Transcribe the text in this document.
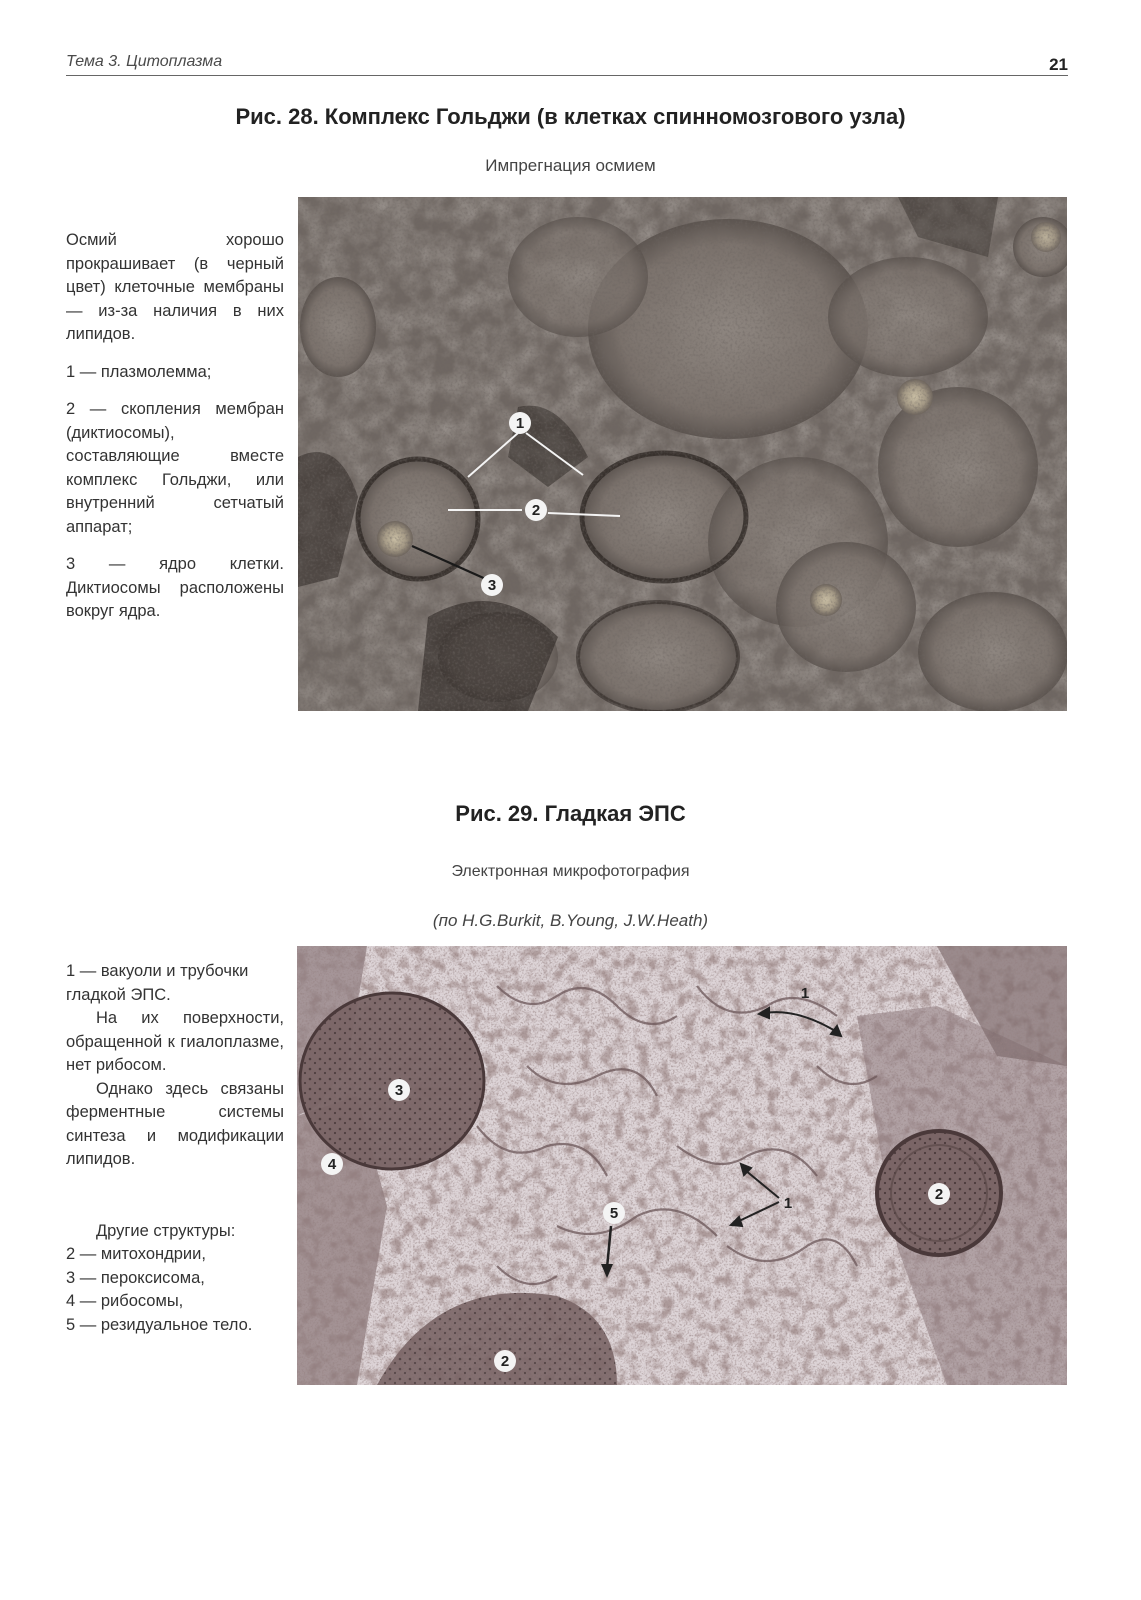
Тема 3. Цитоплазма	21
Рис. 28. Комплекс Гольджи (в клетках спинномозгового узла)
Импрегнация осмием

Осмий хорошо прокрашивает (в черный цвет) клеточные мембраны — из-за наличия в них липидов.

1 — плазмолемма;

2 — скопления мембран (диктиосомы), составляющие вместе комплекс Гольджи, или внутренний сетчатый аппарат;

3 — ядро клетки. Диктиосомы расположены вокруг ядра.

1
2
3
Рис. 29. Гладкая ЭПС
Электронная микрофотография
(по H.G.Burkit, B.Young, J.W.Heath)

1 — вакуоли и трубочки гладкой ЭПС.

На их поверхности, обращенной к гиалоплазме, нет рибосом.

Однако здесь связаны ферментные системы синтеза и модификации липидов.

Другие структуры:

2 — митохондрии,

3 — пероксисома,

4 — рибосомы,

5 — резидуальное тело.

1
1
2
2
3
4
5
